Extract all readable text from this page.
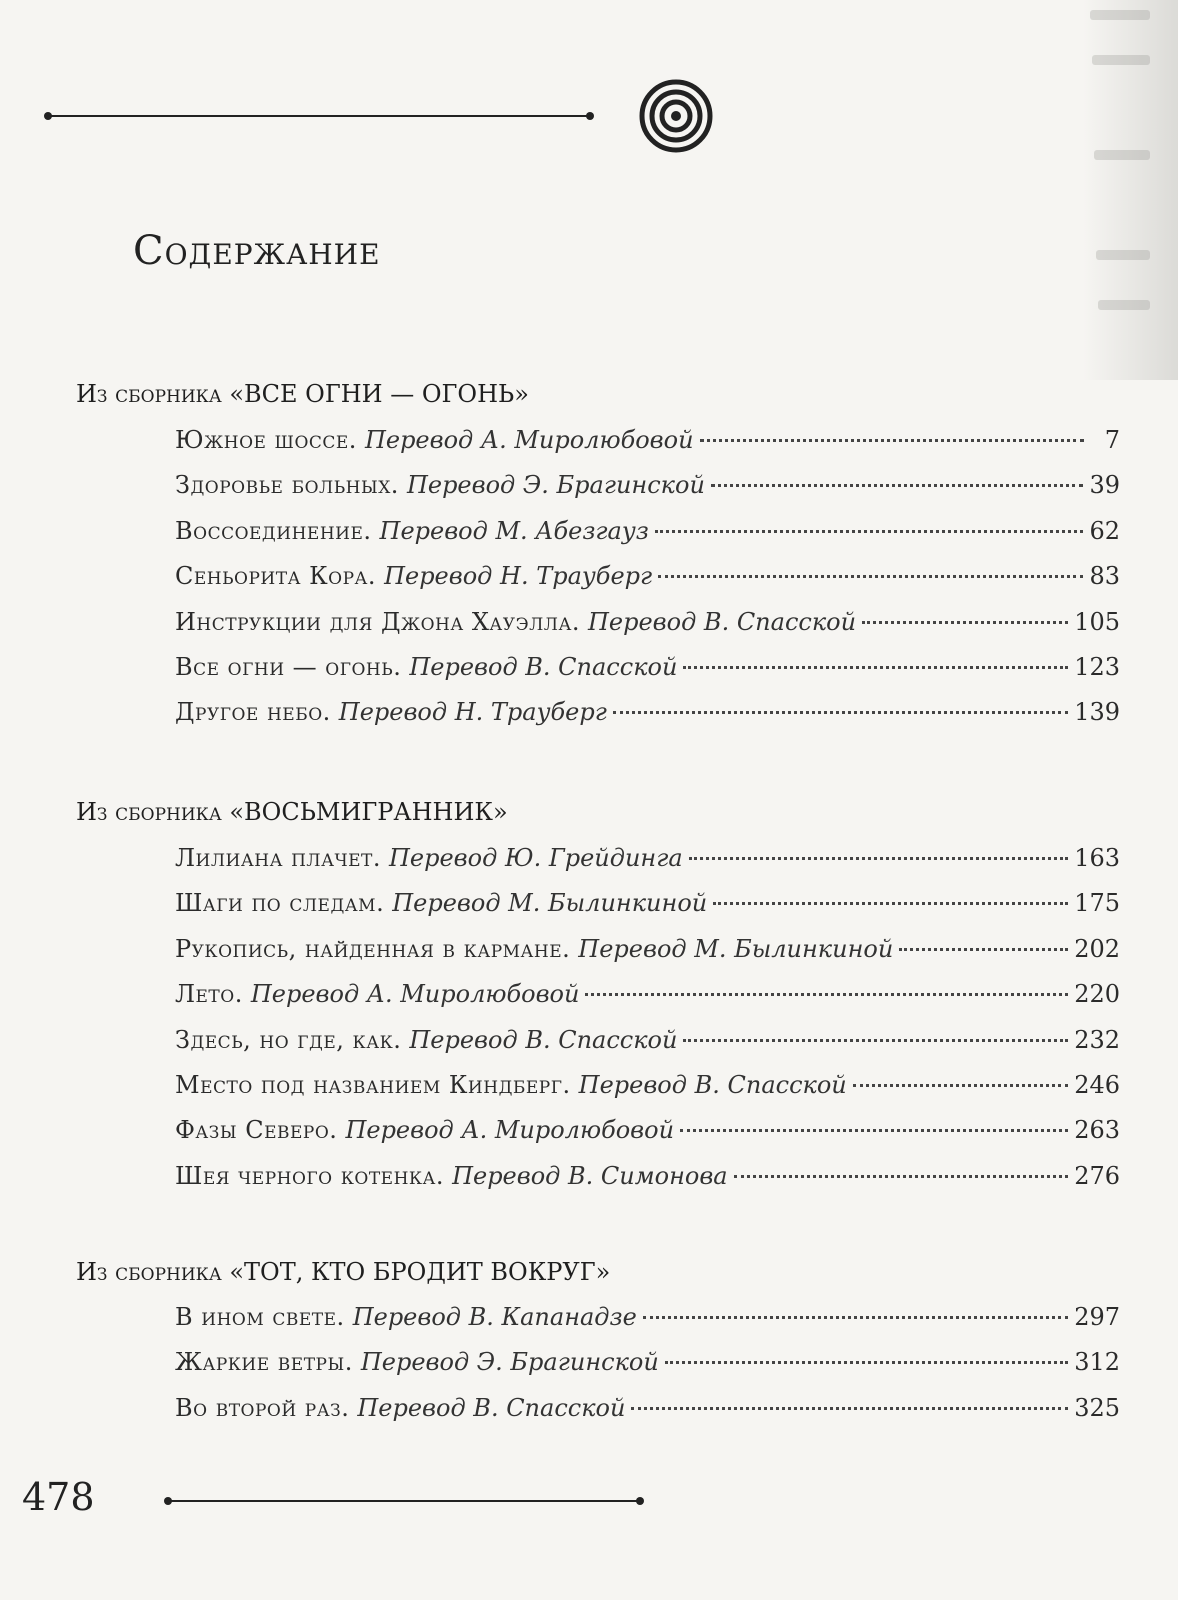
Содержание
Из сборника «ВСЕ ОГНИ — ОГОНЬ»
Южное шоссе. Перевод А. Миролюбовой	7
Здоровье больных. Перевод Э. Брагинской	39
Воссоединение. Перевод М. Абезгауз	62
Сеньорита Кора. Перевод Н. Трауберг	83
Инструкции для Джона Хауэлла. Перевод В. Спасской	105
Все огни — огонь. Перевод В. Спасской	123
Другое небо. Перевод Н. Трауберг	139
Из сборника «ВОСЬМИГРАННИК»
Лилиана плачет. Перевод Ю. Грейдинга	163
Шаги по следам. Перевод М. Былинкиной	175
Рукопись, найденная в кармане. Перевод М. Былинкиной	202
Лето. Перевод А. Миролюбовой	220
Здесь, но где, как. Перевод В. Спасской	232
Место под названием Киндберг. Перевод В. Спасской	246
Фазы Северо. Перевод А. Миролюбовой	263
Шея черного котенка. Перевод В. Симонова	276
Из сборника «ТОТ, КТО БРОДИТ ВОКРУГ»
В ином свете. Перевод В. Капанадзе	297
Жаркие ветры. Перевод Э. Брагинской	312
Во второй раз. Перевод В. Спасской	325
478
